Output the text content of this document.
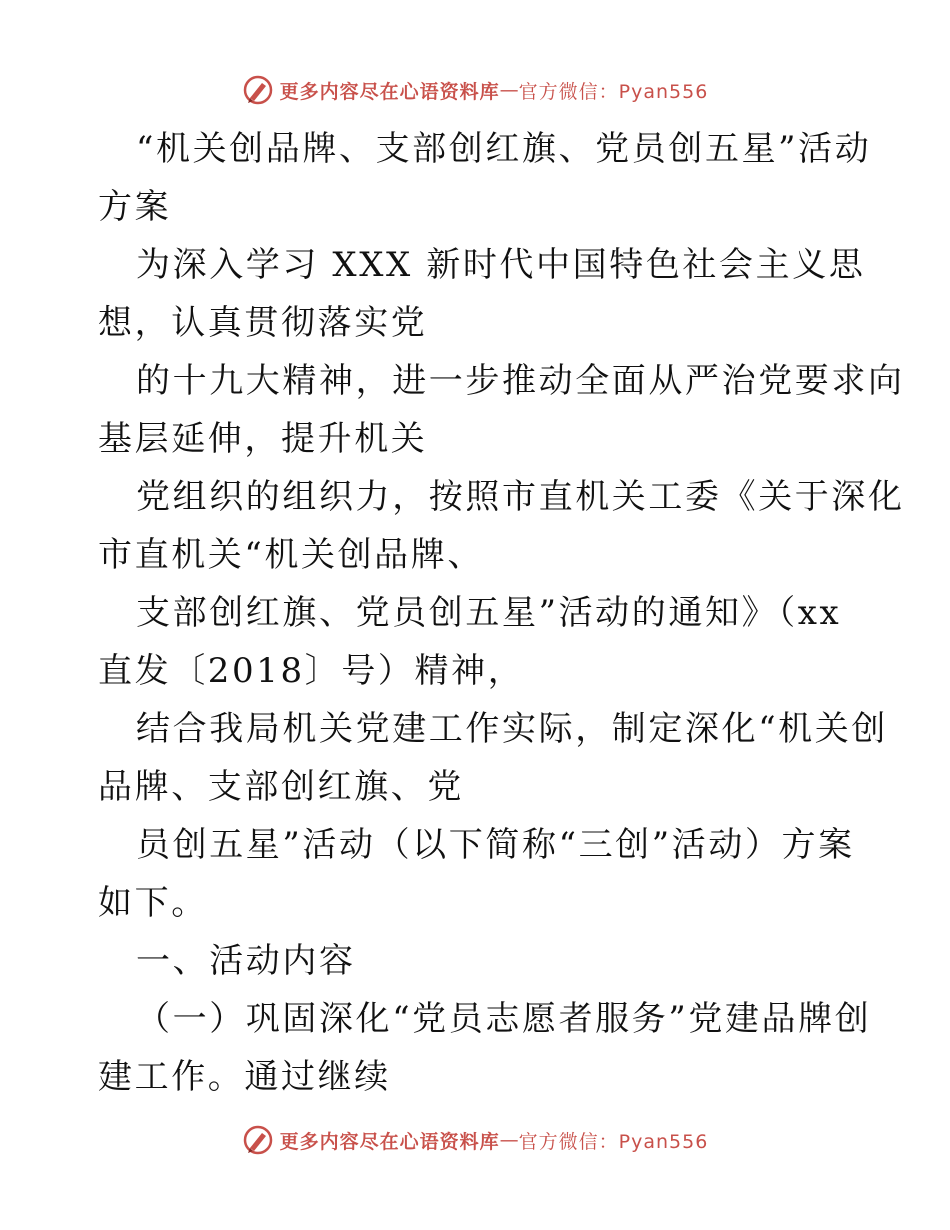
更多内容尽在心语资料库 — 官方微信：Pyan556
“机关创品牌、支部创红旗、党员创五星”活动
方案
为深入学习 XXX 新时代中国特色社会主义思
想，认真贯彻落实党
的十九大精神，进一步推动全面从严治党要求向
基层延伸，提升机关
党组织的组织力，按照市直机关工委《关于深化
市直机关“机关创品牌、
支部创红旗、党员创五星”活动的通知》（xx
直发〔2018〕号）精神，
结合我局机关党建工作实际，制定深化“机关创
品牌、支部创红旗、党
员创五星”活动（以下简称“三创”活动）方案
如下。
一、活动内容
（一）巩固深化“党员志愿者服务”党建品牌创
建工作。通过继续
更多内容尽在心语资料库 — 官方微信：Pyan556
